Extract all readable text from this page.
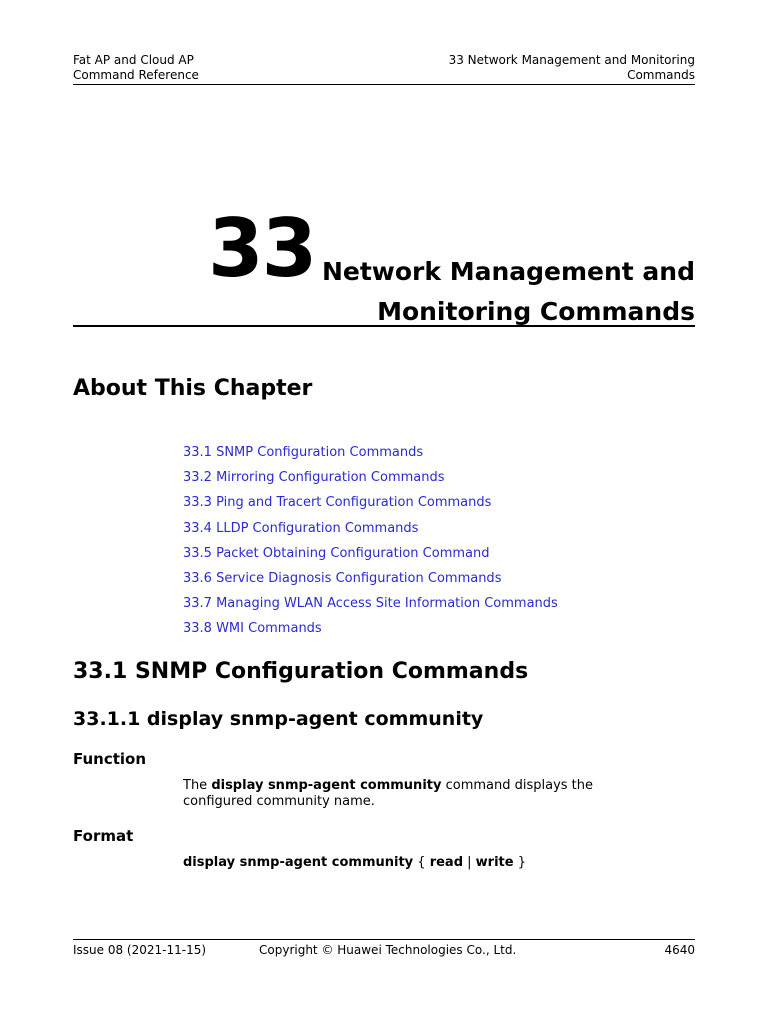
Fat AP and Cloud AP
Command Reference
33 Network Management and Monitoring
Commands
33 Network Management and
Monitoring Commands
About This Chapter
33.1 SNMP Configuration Commands
33.2 Mirroring Configuration Commands
33.3 Ping and Tracert Configuration Commands
33.4 LLDP Configuration Commands
33.5 Packet Obtaining Configuration Command
33.6 Service Diagnosis Configuration Commands
33.7 Managing WLAN Access Site Information Commands
33.8 WMI Commands
33.1 SNMP Configuration Commands
33.1.1 display snmp-agent community
Function
The display snmp-agent community command displays the configured community name.
Format
display snmp-agent community { read | write }
Issue 08 (2021-11-15)	Copyright © Huawei Technologies Co., Ltd.	4640
